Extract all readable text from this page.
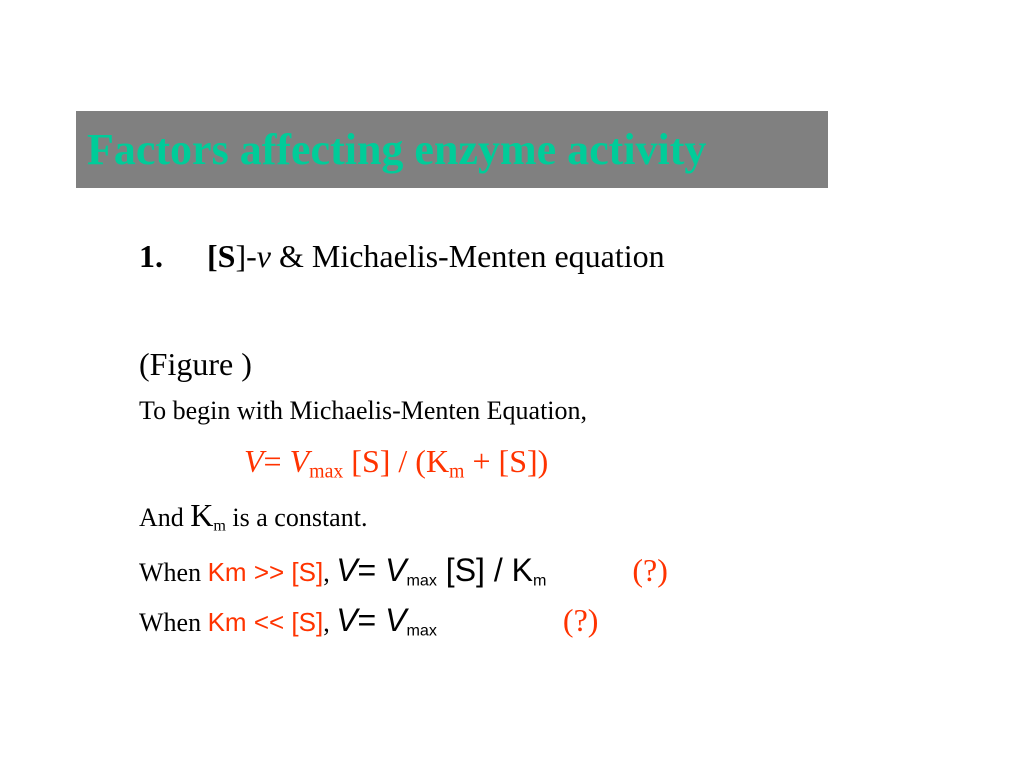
Factors affecting enzyme activity
1. [S]-v & Michaelis-Menten equation
(Figure )
To begin with Michaelis-Menten Equation,
$V= V_{max}$ $[S] / (K_m + [S])$
And $K_m$ is a constant.
When Km >> [S], $V= V_{max}$ $[S] / K_m$	(?)
When Km << [S], $V= V_{max}$	(?)
